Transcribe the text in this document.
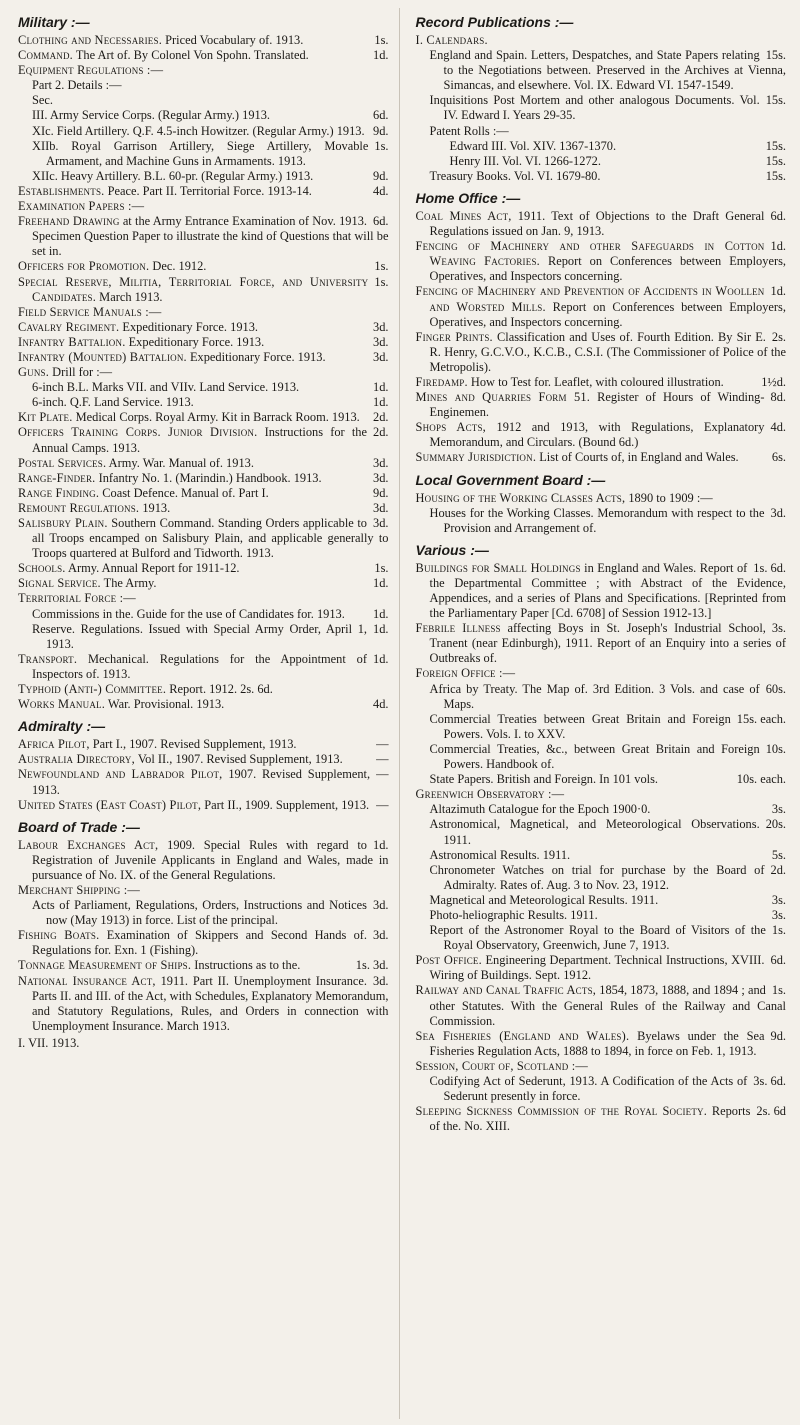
Military :—

1s.
Clothing and Necessaries. Priced Vocabulary of. 1913.

1d.
Command. The Art of. By Colonel Von Spohn. Translated.

Equipment Regulations :—

Part 2. Details :—

Sec.

6d.
III. Army Service Corps. (Regular Army.) 1913.

9d.
XIc. Field Artillery. Q.F. 4.5-inch Howitzer. (Regular Army.) 1913.

1s.
XIIb. Royal Garrison Artillery, Siege Artillery, Movable Armament, and Machine Guns in Armaments. 1913.

9d.
XIIc. Heavy Artillery. B.L. 60-pr. (Regular Army.) 1913.

4d.
Establishments. Peace. Part II. Territorial Force. 1913-14.

Examination Papers :—

6d.
Freehand Drawing at the Army Entrance Examination of Nov. 1913. Specimen Question Paper to illustrate the kind of Questions that will be set in.

1s.
Officers for Promotion. Dec. 1912.

1s.
Special Reserve, Militia, Territorial Force, and University Candidates. March 1913.

Field Service Manuals :—

3d.
Cavalry Regiment. Expeditionary Force. 1913.

3d.
Infantry Battalion. Expeditionary Force. 1913.

3d.
Infantry (Mounted) Battalion. Expeditionary Force. 1913.

Guns. Drill for :—

1d.
6-inch B.L. Marks VII. and VIIv. Land Service. 1913.

1d.
6-inch. Q.F. Land Service. 1913.

2d.
Kit Plate. Medical Corps. Royal Army. Kit in Barrack Room. 1913.

2d.
Officers Training Corps. Junior Division. Instructions for the Annual Camps. 1913.

3d.
Postal Services. Army. War. Manual of. 1913.

3d.
Range-Finder. Infantry No. 1. (Marindin.) Handbook. 1913.

9d.
Range Finding. Coast Defence. Manual of. Part I.

3d.
Remount Regulations. 1913.

3d.
Salisbury Plain. Southern Command. Standing Orders applicable to all Troops encamped on Salisbury Plain, and applicable generally to Troops quartered at Bulford and Tidworth. 1913.

1s.
Schools. Army. Annual Report for 1911-12.

1d.
Signal Service. The Army.

Territorial Force :—

1d.
Commissions in the. Guide for the use of Candidates for. 1913.

1d.
Reserve. Regulations. Issued with Special Army Order, April 1, 1913.

1d.
Transport. Mechanical. Regulations for the Appointment of Inspectors of. 1913.

Typhoid (Anti-) Committee. Report. 1912. 2s. 6d.

4d.
Works Manual. War. Provisional. 1913.

Admiralty :—

—
Africa Pilot, Part I., 1907. Revised Supplement, 1913.

—
Australia Directory, Vol II., 1907. Revised Supplement, 1913.

—
Newfoundland and Labrador Pilot, 1907. Revised Supplement, 1913.

—
United States (East Coast) Pilot, Part II., 1909. Supplement, 1913.

Board of Trade :—

1d.
Labour Exchanges Act, 1909. Special Rules with regard to Registration of Juvenile Applicants in England and Wales, made in pursuance of No. IX. of the General Regulations.

Merchant Shipping :—

3d.
Acts of Parliament, Regulations, Orders, Instructions and Notices now (May 1913) in force. List of the principal.

3d.
Fishing Boats. Examination of Skippers and Second Hands of. Regulations for. Exn. 1 (Fishing).

1s. 3d.
Tonnage Measurement of Ships. Instructions as to the.

3d.
National Insurance Act, 1911. Part II. Unemployment Insurance. Parts II. and III. of the Act, with Schedules, Explanatory Memorandum, and Statutory Regulations, Rules, and Orders in connection with Unemployment Insurance. March 1913.

I. VII. 1913.
Record Publications :—

I. Calendars.

15s.
England and Spain. Letters, Despatches, and State Papers relating to the Negotiations between. Preserved in the Archives at Vienna, Simancas, and elsewhere. Vol. IX. Edward VI. 1547-1549.

15s.
Inquisitions Post Mortem and other analogous Documents. Vol. IV. Edward I. Years 29-35.

Patent Rolls :—

15s.
Edward III. Vol. XIV. 1367-1370.

15s.
Henry III. Vol. VI. 1266-1272.

15s.
Treasury Books. Vol. VI. 1679-80.

Home Office :—

6d.
Coal Mines Act, 1911. Text of Objections to the Draft General Regulations issued on Jan. 9, 1913.

1d.
Fencing of Machinery and other Safeguards in Cotton Weaving Factories. Report on Conferences between Employers, Operatives, and Inspectors concerning.

1d.
Fencing of Machinery and Prevention of Accidents in Woollen and Worsted Mills. Report on Conferences between Employers, Operatives, and Inspectors concerning.

2s.
Finger Prints. Classification and Uses of. Fourth Edition. By Sir E. R. Henry, G.C.V.O., K.C.B., C.S.I. (The Commissioner of Police of the Metropolis).

1½d.
Firedamp. How to Test for. Leaflet, with coloured illustration.

8d.
Mines and Quarries Form 51. Register of Hours of Winding-Enginemen.

4d.
Shops Acts, 1912 and 1913, with Regulations, Explanatory Memorandum, and Circulars. (Bound 6d.)

6s.
Summary Jurisdiction. List of Courts of, in England and Wales.

Local Government Board :—

Housing of the Working Classes Acts, 1890 to 1909 :—

3d.
Houses for the Working Classes. Memorandum with respect to the Provision and Arrangement of.

Various :—

1s. 6d.
Buildings for Small Holdings in England and Wales. Report of the Departmental Committee ; with Abstract of the Evidence, Appendices, and a series of Plans and Specifications. [Reprinted from the Parliamentary Paper [Cd. 6708] of Session 1912-13.]

3s.
Febrile Illness affecting Boys in St. Joseph's Industrial School, Tranent (near Edinburgh), 1911. Report of an Enquiry into a series of Outbreaks of.

Foreign Office :—

60s.
Africa by Treaty. The Map of. 3rd Edition. 3 Vols. and case of Maps.

15s. each.
Commercial Treaties between Great Britain and Foreign Powers. Vols. I. to XXV.

10s.
Commercial Treaties, &c., between Great Britain and Foreign Powers. Handbook of.

10s. each.
State Papers. British and Foreign. In 101 vols.

Greenwich Observatory :—

3s.
Altazimuth Catalogue for the Epoch 1900·0.

20s.
Astronomical, Magnetical, and Meteorological Observations. 1911.

5s.
Astronomical Results. 1911.

2d.
Chronometer Watches on trial for purchase by the Board of Admiralty. Rates of. Aug. 3 to Nov. 23, 1912.

3s.
Magnetical and Meteorological Results. 1911.

3s.
Photo-heliographic Results. 1911.

1s.
Report of the Astronomer Royal to the Board of Visitors of the Royal Observatory, Greenwich, June 7, 1913.

6d.
Post Office. Engineering Department. Technical Instructions, XVIII. Wiring of Buildings. Sept. 1912.

1s.
Railway and Canal Traffic Acts, 1854, 1873, 1888, and 1894 ; and other Statutes. With the General Rules of the Railway and Canal Commission.

9d.
Sea Fisheries (England and Wales). Byelaws under the Sea Fisheries Regulation Acts, 1888 to 1894, in force on Feb. 1, 1913.

Session, Court of, Scotland :—

3s. 6d.
Codifying Act of Sederunt, 1913. A Codification of the Acts of Sederunt presently in force.

2s. 6d
Sleeping Sickness Commission of the Royal Society. Reports of the. No. XIII.
